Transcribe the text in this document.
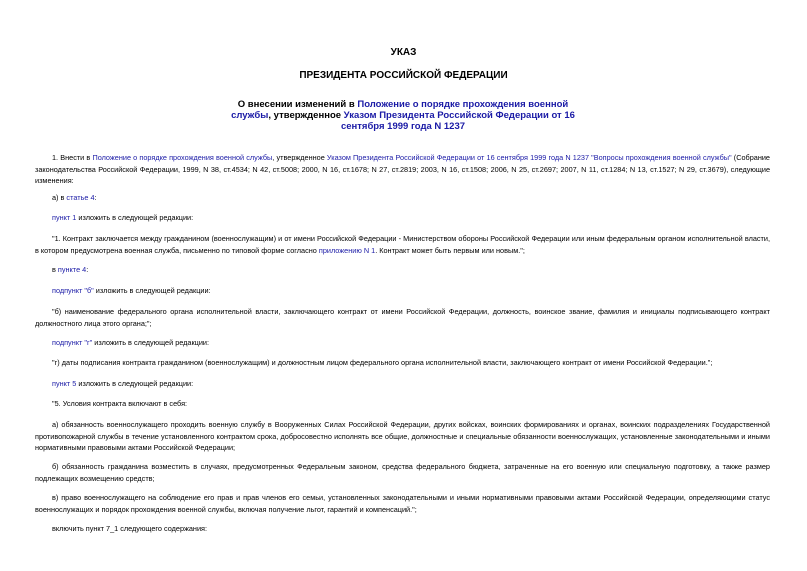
УКАЗ
ПРЕЗИДЕНТА РОССИЙСКОЙ ФЕДЕРАЦИИ
О внесении изменений в Положение о порядке прохождения военной службы, утвержденное Указом Президента Российской Федерации от 16 сентября 1999 года N 1237
1. Внести в Положение о порядке прохождения военной службы, утвержденное Указом Президента Российской Федерации от 16 сентября 1999 года N 1237 "Вопросы прохождения военной службы" (Собрание законодательства Российской Федерации, 1999, N 38, ст.4534; N 42, ст.5008; 2000, N 16, ст.1678; N 27, ст.2819; 2003, N 16, ст.1508; 2006, N 25, ст.2697; 2007, N 11, ст.1284; N 13, ст.1527; N 29, ст.3679), следующие изменения:
а) в статье 4:
пункт 1 изложить в следующей редакции:
"1. Контракт заключается между гражданином (военнослужащим) и от имени Российской Федерации - Министерством обороны Российской Федерации или иным федеральным органом исполнительной власти, в котором предусмотрена военная служба, письменно по типовой форме согласно приложению N 1. Контракт может быть первым или новым.";
в пункте 4:
подпункт "б" изложить в следующей редакции:
"б) наименование федерального органа исполнительной власти, заключающего контракт от имени Российской Федерации, должность, воинское звание, фамилия и инициалы подписывающего контракт должностного лица этого органа;";
подпункт "г" изложить в следующей редакции:
"г) даты подписания контракта гражданином (военнослужащим) и должностным лицом федерального органа исполнительной власти, заключающего контракт от имени Российской Федерации.";
пункт 5 изложить в следующей редакции:
"5. Условия контракта включают в себя:
а) обязанность военнослужащего проходить военную службу в Вооруженных Силах Российской Федерации, других войсках, воинских формированиях и органах, воинских подразделениях Государственной противопожарной службы в течение установленного контрактом срока, добросовестно исполнять все общие, должностные и специальные обязанности военнослужащих, установленные законодательными и иными нормативными правовыми актами Российской Федерации;
б) обязанность гражданина возместить в случаях, предусмотренных Федеральным законом, средства федерального бюджета, затраченные на его военную или специальную подготовку, а также размер подлежащих возмещению средств;
в) право военнослужащего на соблюдение его прав и прав членов его семьи, установленных законодательными и иными нормативными правовыми актами Российской Федерации, определяющими статус военнослужащих и порядок прохождения военной службы, включая получение льгот, гарантий и компенсаций.";
включить пункт 7_1 следующего содержания:
